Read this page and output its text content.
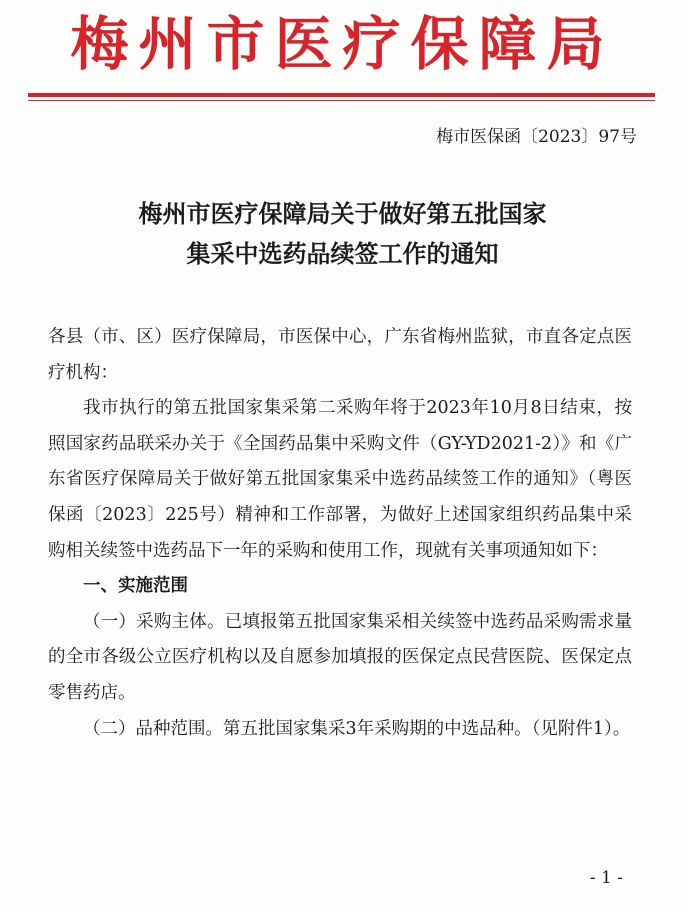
梅州市医疗保障局
梅市医保函〔2023〕97号
梅州市医疗保障局关于做好第五批国家
集采中选药品续签工作的通知

各县（市、区）医疗保障局，市医保中心，广东省梅州监狱，市直各定点医疗机构：

我市执行的第五批国家集采第二采购年将于2023年10月8日结束，按照国家药品联采办关于《全国药品集中采购文件（GY-YD2021-2）》和《广东省医疗保障局关于做好第五批国家集采中选药品续签工作的通知》（粤医保函〔2023〕225号）精神和工作部署，为做好上述国家组织药品集中采购相关续签中选药品下一年的采购和使用工作，现就有关事项通知如下：

一、实施范围

（一）采购主体。已填报第五批国家集采相关续签中选药品采购需求量的全市各级公立医疗机构以及自愿参加填报的医保定点民营医院、医保定点零售药店。

（二）品种范围。第五批国家集采3年采购期的中选品种。（见附件1）。

- 1 -
